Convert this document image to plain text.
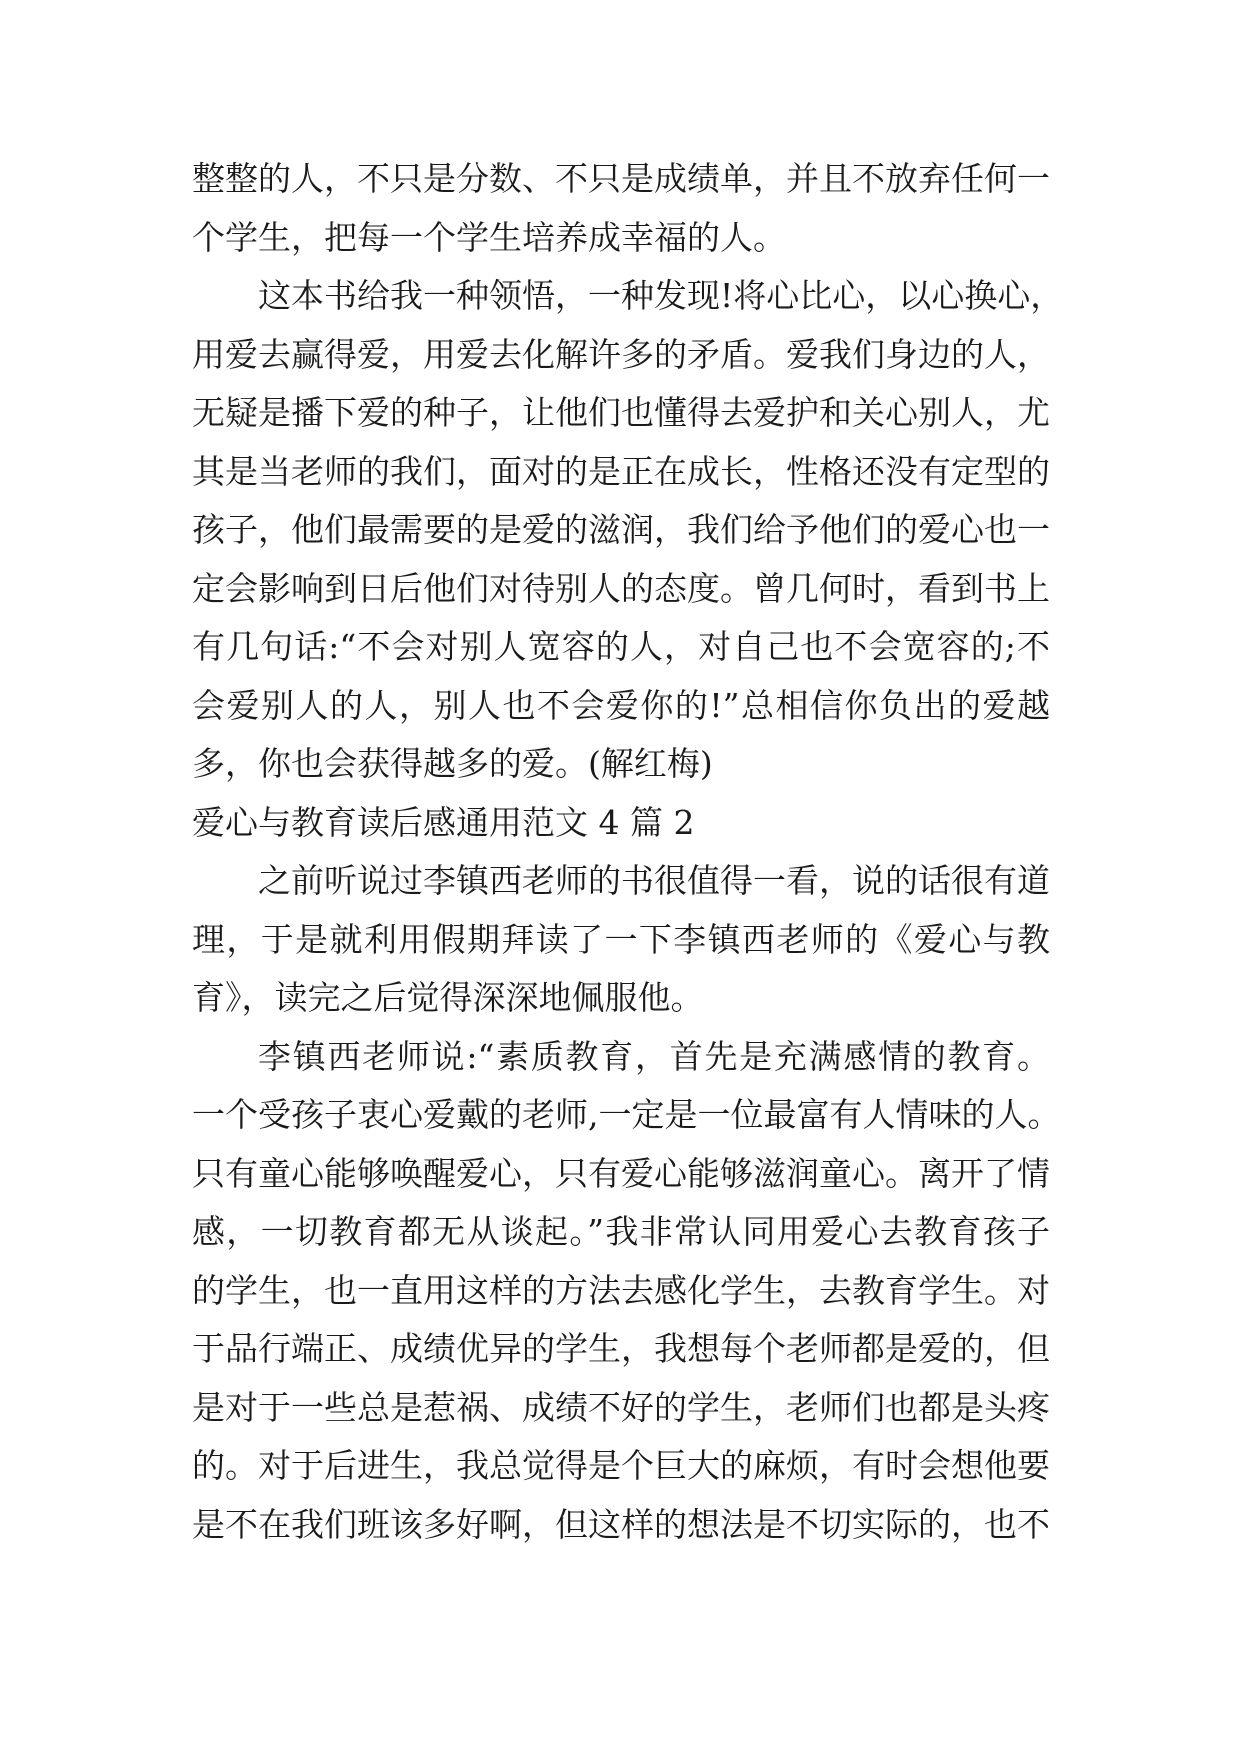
整整的人，不只是分数、不只是成绩单，并且不放弃任何一
个学生，把每一个学生培养成幸福的人。
这本书给我一种领悟，一种发现!将心比心，以心换心，
用爱去赢得爱，用爱去化解许多的矛盾。爱我们身边的人，
无疑是播下爱的种子，让他们也懂得去爱护和关心别人，尤
其是当老师的我们，面对的是正在成长，性格还没有定型的
孩子，他们最需要的是爱的滋润，我们给予他们的爱心也一
定会影响到日后他们对待别人的态度。曾几何时，看到书上
有几句话:“不会对别人宽容的人，对自己也不会宽容的;不
会爱别人的人，别人也不会爱你的!”总相信你负出的爱越
多，你也会获得越多的爱。(解红梅)
爱心与教育读后感通用范文 4 篇 2
之前听说过李镇西老师的书很值得一看，说的话很有道
理，于是就利用假期拜读了一下李镇西老师的《爱心与教
育》，读完之后觉得深深地佩服他。
李镇西老师说:“素质教育，首先是充满感情的教育。
一个受孩子衷心爱戴的老师,一定是一位最富有人情味的人。
只有童心能够唤醒爱心，只有爱心能够滋润童心。离开了情
感，一切教育都无从谈起。”我非常认同用爱心去教育孩子
的学生，也一直用这样的方法去感化学生，去教育学生。对
于品行端正、成绩优异的学生，我想每个老师都是爱的，但
是对于一些总是惹祸、成绩不好的学生，老师们也都是头疼
的。对于后进生，我总觉得是个巨大的麻烦，有时会想他要
是不在我们班该多好啊，但这样的想法是不切实际的，也不
